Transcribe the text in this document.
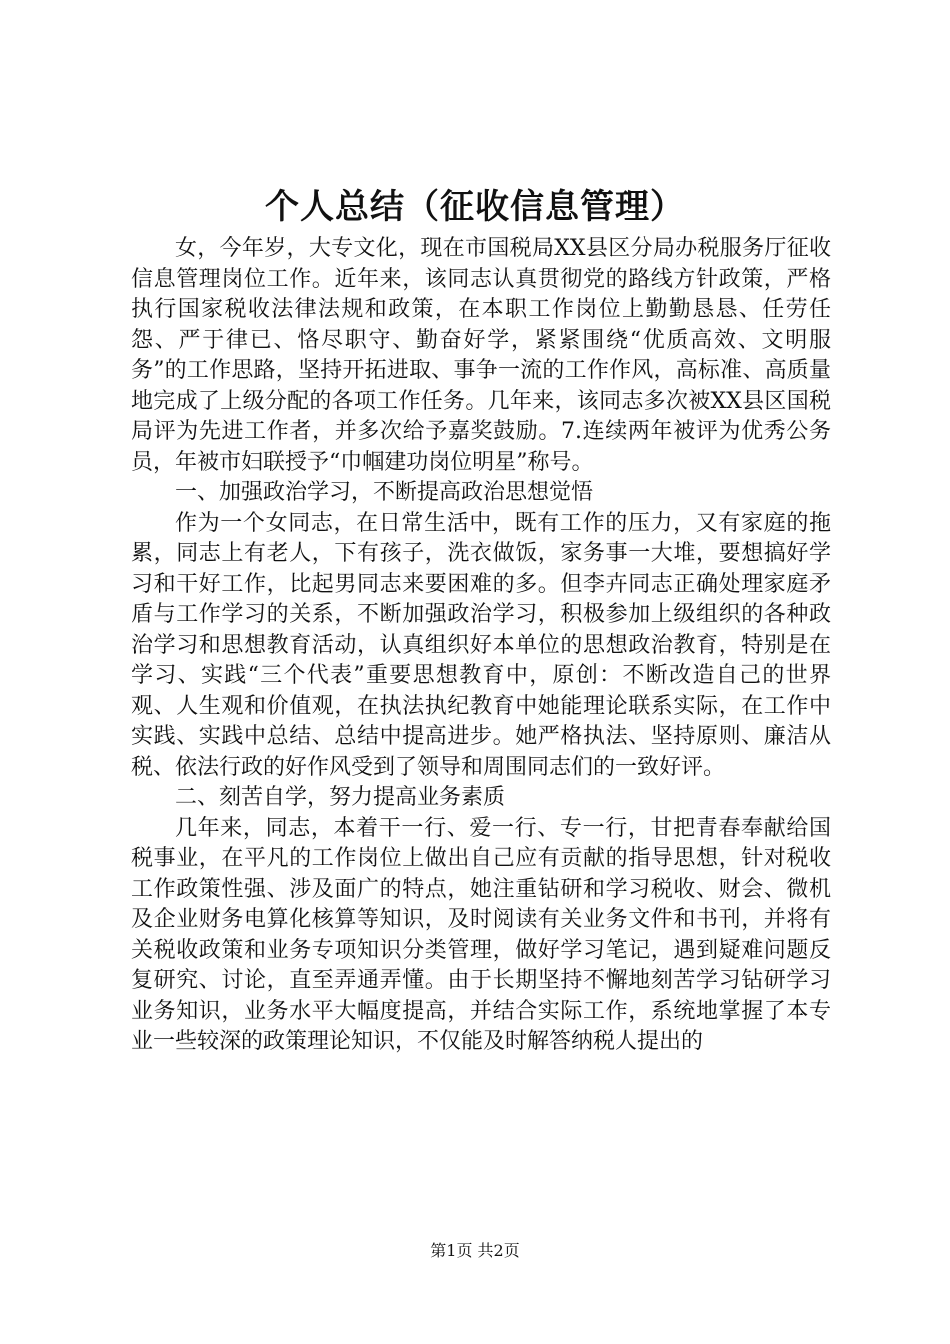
个人总结（征收信息管理）

女，今年岁，大专文化，现在市国税局XX县区分局办税服务厅征收信息管理岗位工作。近年来，该同志认真贯彻党的路线方针政策，严格执行国家税收法律法规和政策，在本职工作岗位上勤勤恳恳、任劳任怨、严于律已、恪尽职守、勤奋好学，紧紧围绕“优质高效、文明服务”的工作思路，坚持开拓进取、事争一流的工作作风，高标准、高质量地完成了上级分配的各项工作任务。几年来，该同志多次被XX县区国税局评为先进工作者，并多次给予嘉奖鼓励。7.连续两年被评为优秀公务员，年被市妇联授予“巾帼建功岗位明星”称号。

一、加强政治学习，不断提高政治思想觉悟

作为一个女同志，在日常生活中，既有工作的压力，又有家庭的拖累，同志上有老人，下有孩子，洗衣做饭，家务事一大堆，要想搞好学习和干好工作，比起男同志来要困难的多。但李卉同志正确处理家庭矛盾与工作学习的关系，不断加强政治学习，积极参加上级组织的各种政治学习和思想教育活动，认真组织好本单位的思想政治教育，特别是在学习、实践“三个代表”重要思想教育中，原创：不断改造自己的世界观、人生观和价值观，在执法执纪教育中她能理论联系实际，在工作中实践、实践中总结、总结中提高进步。她严格执法、坚持原则、廉洁从税、依法行政的好作风受到了领导和周围同志们的一致好评。

二、刻苦自学，努力提高业务素质

几年来，同志，本着干一行、爱一行、专一行，甘把青春奉献给国税事业，在平凡的工作岗位上做出自己应有贡献的指导思想，针对税收工作政策性强、涉及面广的特点，她注重钻研和学习税收、财会、微机及企业财务电算化核算等知识，及时阅读有关业务文件和书刊，并将有关税收政策和业务专项知识分类管理，做好学习笔记，遇到疑难问题反复研究、讨论，直至弄通弄懂。由于长期坚持不懈地刻苦学习钻研学习业务知识，业务水平大幅度提高，并结合实际工作，系统地掌握了本专业一些较深的政策理论知识，不仅能及时解答纳税人提出的

第1页 共2页
